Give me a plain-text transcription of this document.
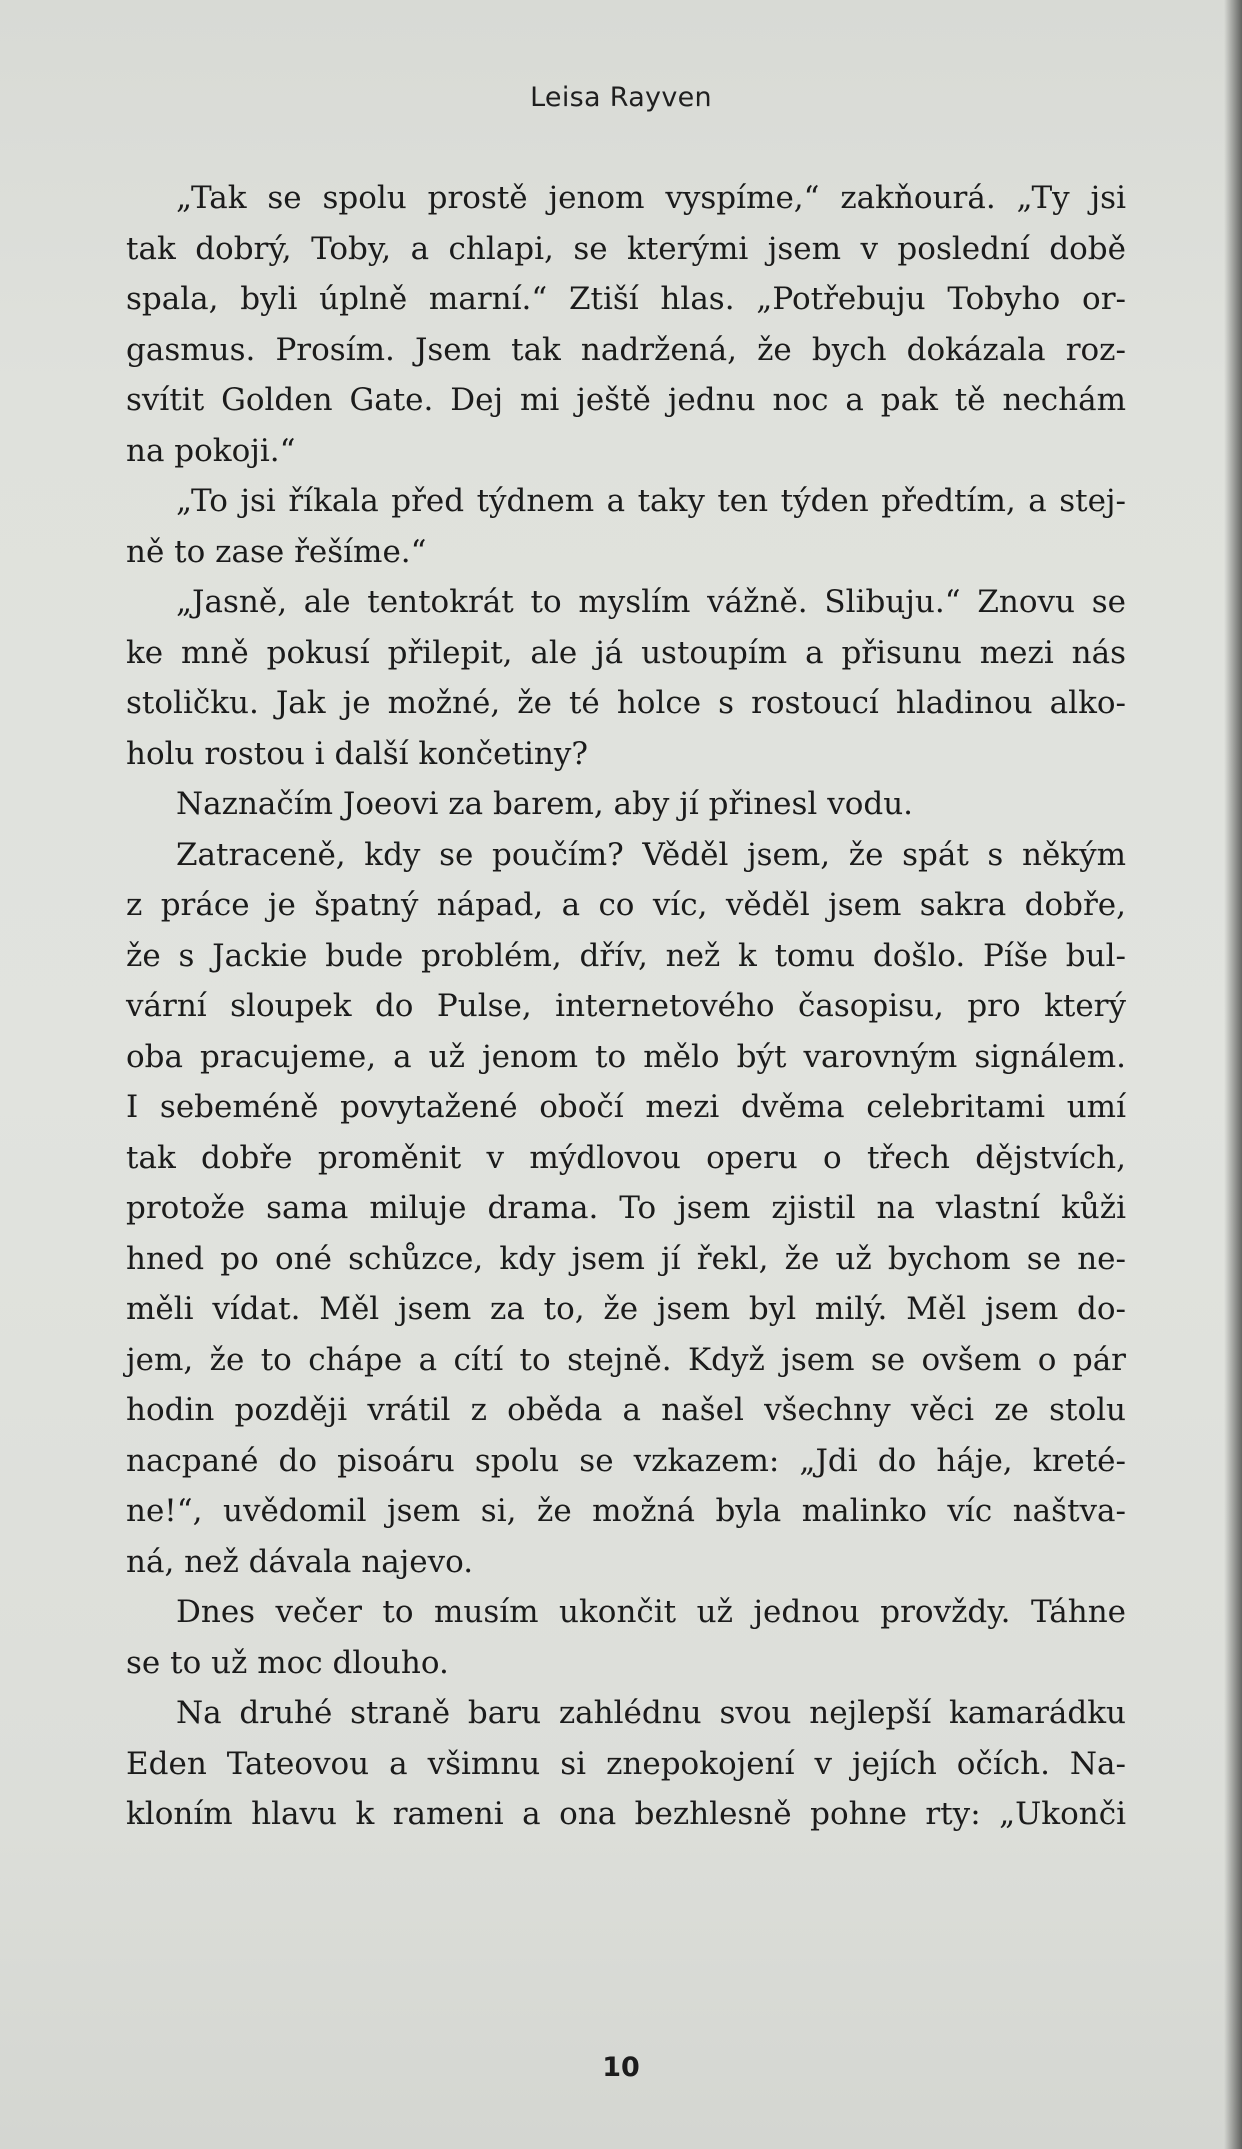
Leisa Rayven
„Tak se spolu prostě jenom vyspíme,“ zakňourá. „Ty jsi
tak dobrý, Toby, a chlapi, se kterými jsem v poslední době
spala, byli úplně marní.“ Ztiší hlas. „Potřebuju Tobyho or-
gasmus. Prosím. Jsem tak nadržená, že bych dokázala roz-
svítit Golden Gate. Dej mi ještě jednu noc a pak tě nechám
na pokoji.“
„To jsi říkala před týdnem a taky ten týden předtím, a stej-
ně to zase řešíme.“
„Jasně, ale tentokrát to myslím vážně. Slibuju.“ Znovu se
ke mně pokusí přilepit, ale já ustoupím a přisunu mezi nás
stoličku. Jak je možné, že té holce s rostoucí hladinou alko-
holu rostou i další končetiny?
Naznačím Joeovi za barem, aby jí přinesl vodu.
Zatraceně, kdy se poučím? Věděl jsem, že spát s někým
z práce je špatný nápad, a co víc, věděl jsem sakra dobře,
že s Jackie bude problém, dřív, než k tomu došlo. Píše bul-
vární sloupek do Pulse, internetového časopisu, pro který
oba pracujeme, a už jenom to mělo být varovným signálem.
I sebeméně povytažené obočí mezi dvěma celebritami umí
tak dobře proměnit v mýdlovou operu o třech dějstvích,
protože sama miluje drama. To jsem zjistil na vlastní kůži
hned po oné schůzce, kdy jsem jí řekl, že už bychom se ne-
měli vídat. Měl jsem za to, že jsem byl milý. Měl jsem do-
jem, že to chápe a cítí to stejně. Když jsem se ovšem o pár
hodin později vrátil z oběda a našel všechny věci ze stolu
nacpané do pisoáru spolu se vzkazem: „Jdi do háje, kreté-
ne!“, uvědomil jsem si, že možná byla malinko víc naštva-
ná, než dávala najevo.
Dnes večer to musím ukončit už jednou provždy. Táhne
se to už moc dlouho.
Na druhé straně baru zahlédnu svou nejlepší kamarádku
Eden Tateovou a všimnu si znepokojení v jejích očích. Na-
kloním hlavu k rameni a ona bezhlesně pohne rty: „Ukonči
10
